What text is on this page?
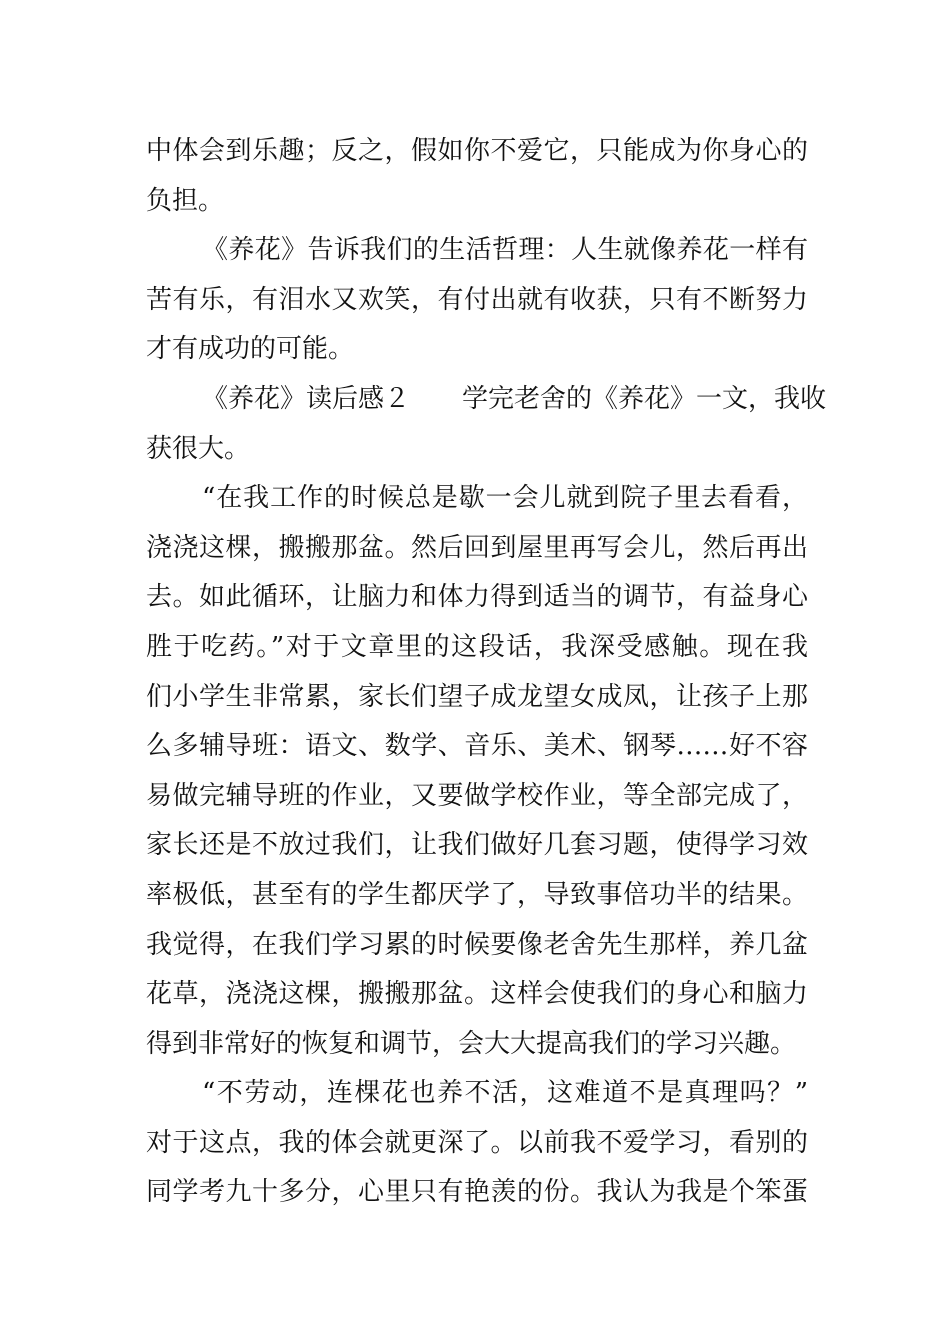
中体会到乐趣；反之，假如你不爱它，只能成为你身心的
负担。
《养花》告诉我们的生活哲理：人生就像养花一样有
苦有乐，有泪水又欢笑，有付出就有收获，只有不断努力
才有成功的可能。
《养花》读后感２　　学完老舍的《养花》一文，我收
获很大。
“在我工作的时候总是歇一会儿就到院子里去看看，
浇浇这棵，搬搬那盆。然后回到屋里再写会儿，然后再出
去。如此循环，让脑力和体力得到适当的调节，有益身心
胜于吃药。”对于文章里的这段话，我深受感触。现在我
们小学生非常累，家长们望子成龙望女成凤，让孩子上那
么多辅导班：语文、数学、音乐、美术、钢琴……好不容
易做完辅导班的作业，又要做学校作业，等全部完成了，
家长还是不放过我们，让我们做好几套习题，使得学习效
率极低，甚至有的学生都厌学了，导致事倍功半的结果。
我觉得，在我们学习累的时候要像老舍先生那样，养几盆
花草，浇浇这棵，搬搬那盆。这样会使我们的身心和脑力
得到非常好的恢复和调节，会大大提高我们的学习兴趣。
“不劳动，连棵花也养不活，这难道不是真理吗？”
对于这点，我的体会就更深了。以前我不爱学习，看别的
同学考九十多分，心里只有艳羡的份。我认为我是个笨蛋
